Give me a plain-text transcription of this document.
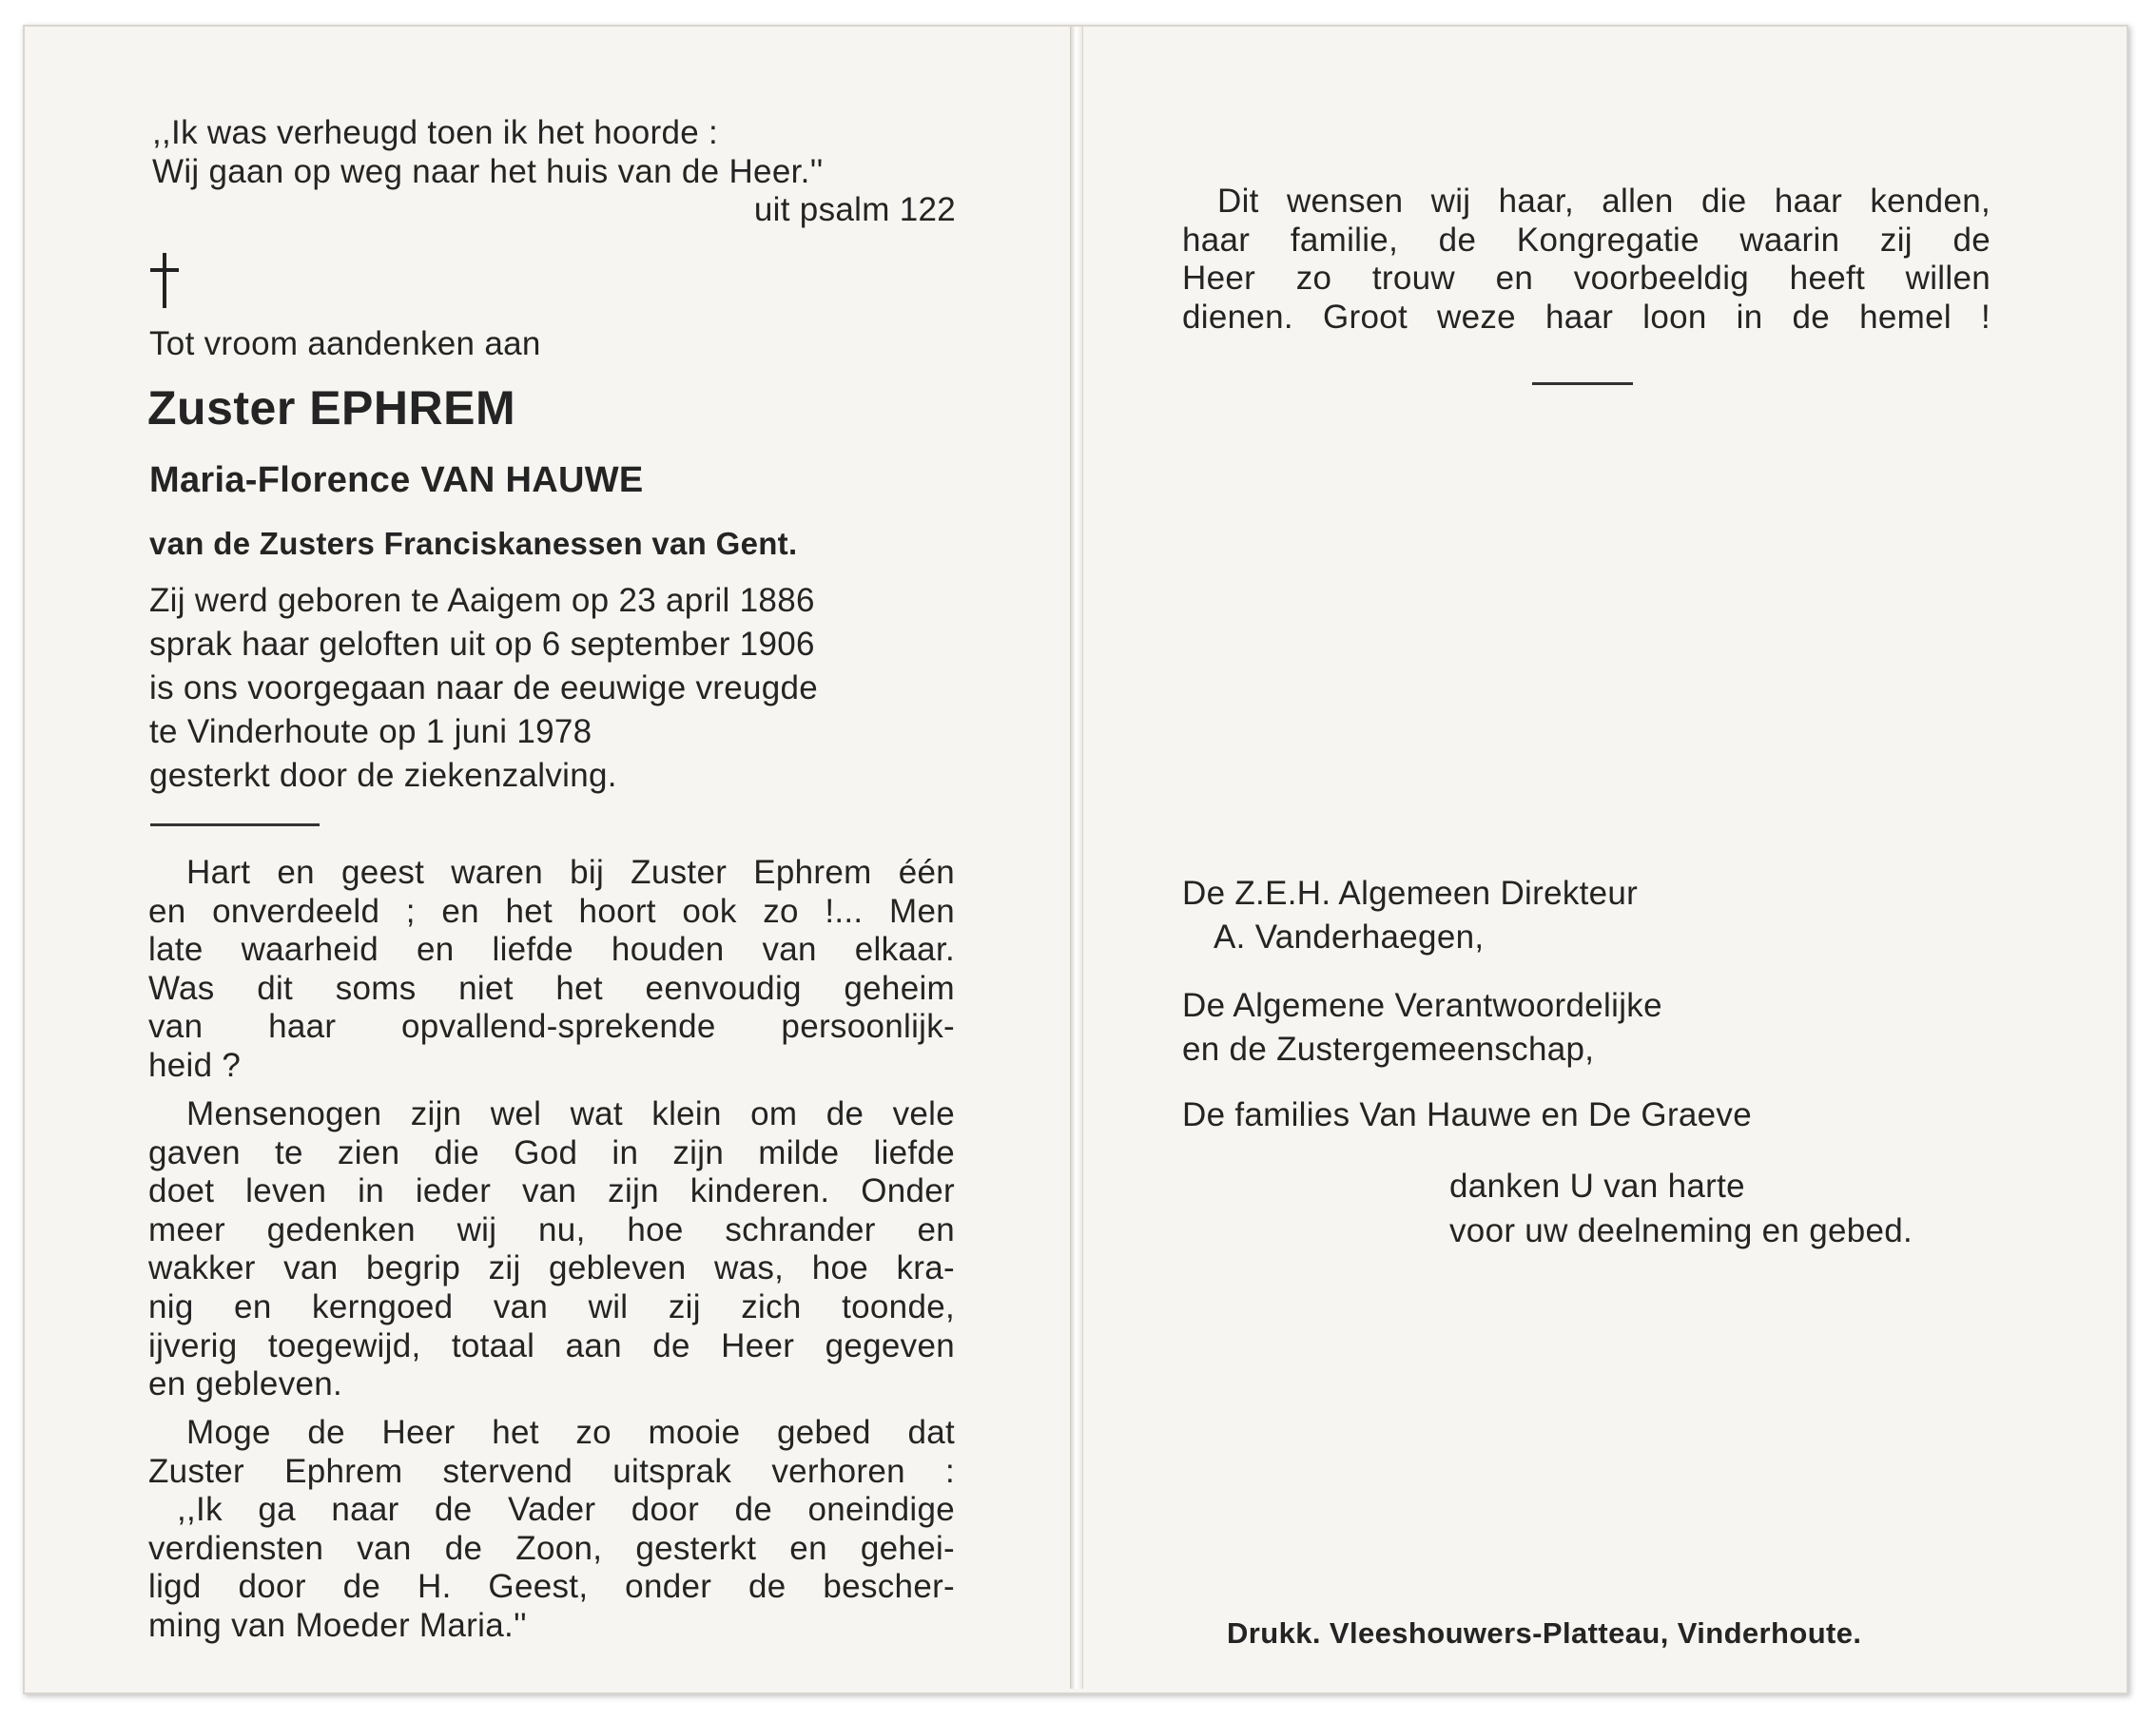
,,Ik was verheugd toen ik het hoorde :
Wij gaan op weg naar het huis van de Heer.''
uit psalm 122
Tot vroom aandenken aan
Zuster EPHREM
Maria-Florence VAN HAUWE
van de Zusters Franciskanessen van Gent.
Zij werd geboren te Aaigem op 23 april 1886
sprak haar geloften uit op 6 september 1906
is ons voorgegaan naar de eeuwige vreugde
te Vinderhoute op 1 juni 1978
gesterkt door de ziekenzalving.
Hart en geest waren bij Zuster Ephrem één
en onverdeeld ; en het hoort ook zo !... Men
late waarheid en liefde houden van elkaar.
Was dit soms niet het eenvoudig geheim
van haar opvallend-sprekende persoonlijk-
heid ?
Mensenogen zijn wel wat klein om de vele
gaven te zien die God in zijn milde liefde
doet leven in ieder van zijn kinderen. Onder
meer gedenken wij nu, hoe schrander en
wakker van begrip zij gebleven was, hoe kra-
nig en kerngoed van wil zij zich toonde,
ijverig toegewijd, totaal aan de Heer gegeven
en gebleven.
Moge de Heer het zo mooie gebed dat
Zuster Ephrem stervend uitsprak verhoren :
,,Ik ga naar de Vader door de oneindige
verdiensten van de Zoon, gesterkt en gehei-
ligd door de H. Geest, onder de bescher-
ming van Moeder Maria.''
Dit wensen wij haar, allen die haar kenden,
haar familie, de Kongregatie waarin zij de
Heer zo trouw en voorbeeldig heeft willen
dienen. Groot weze haar loon in de hemel !
De Z.E.H. Algemeen Direkteur
A. Vanderhaegen,
De Algemene Verantwoordelijke
en de Zustergemeenschap,
De families Van Hauwe en De Graeve
danken U van harte
voor uw deelneming en gebed.
Drukk. Vleeshouwers-Platteau, Vinderhoute.
